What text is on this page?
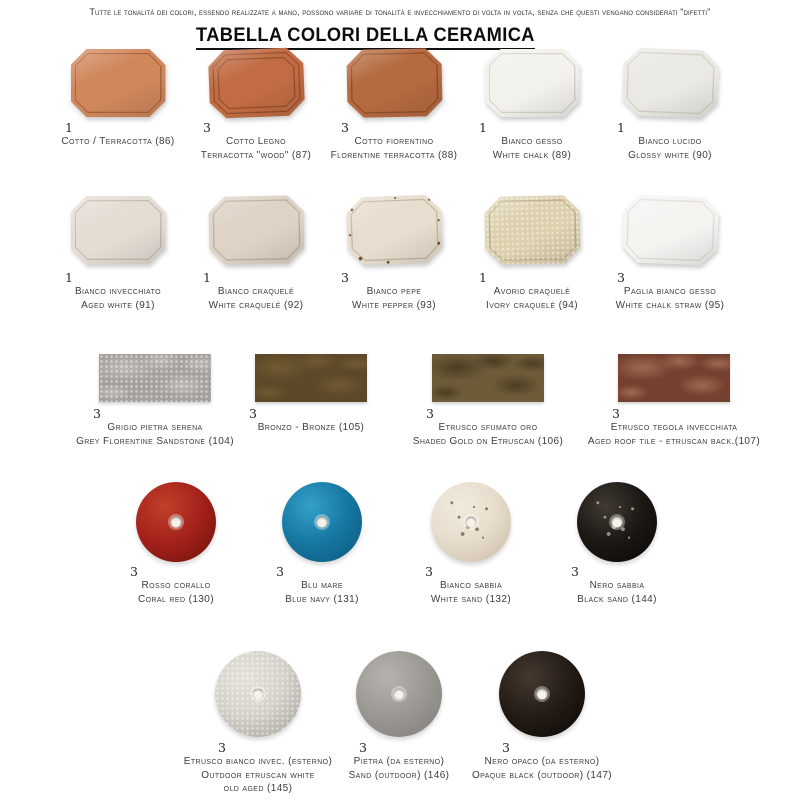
Tutte le tonalità dei colori, essendo realizzate a mano, possono variare di tonalità e invecchiamento di volta in volta, senza che questi vengano considerati "difetti"
TABELLA COLORI DELLA CERAMICA
1
Cotto / Terracotta (86)
3
Cotto Legno
Terracotta "wood" (87)
3
Cotto fiorentino
Florentine terracotta (88)
1
Bianco gesso
White chalk (89)
1
Bianco lucido
Glossy white (90)
1
Bianco invecchiato
Aged white (91)
1
Bianco craquelé
White craquelé (92)
3
Bianco pepe
White pepper (93)
1
Avorio craquelé
Ivory craquelé (94)
3
Paglia bianco gesso
White chalk straw (95)
3
Grigio pietra serena
Grey Florentine Sandstone (104)
3
Bronzo - Bronze (105)
3
Etrusco sfumato oro
Shaded Gold on Etruscan (106)
3
Etrusco tegola invecchiata
Aged roof tile - etruscan back.(107)
3
Rosso corallo
Coral red (130)
3
Blu mare
Blue navy (131)
3
Bianco sabbia
White sand (132)
3
Nero sabbia
Black sand (144)
3
Etrusco bianco invec. (esterno)
Outdoor etruscan white
old aged (145)
3
Pietra (da esterno)
Sand (outdoor) (146)
3
Nero opaco (da esterno)
Opaque black (outdoor) (147)
